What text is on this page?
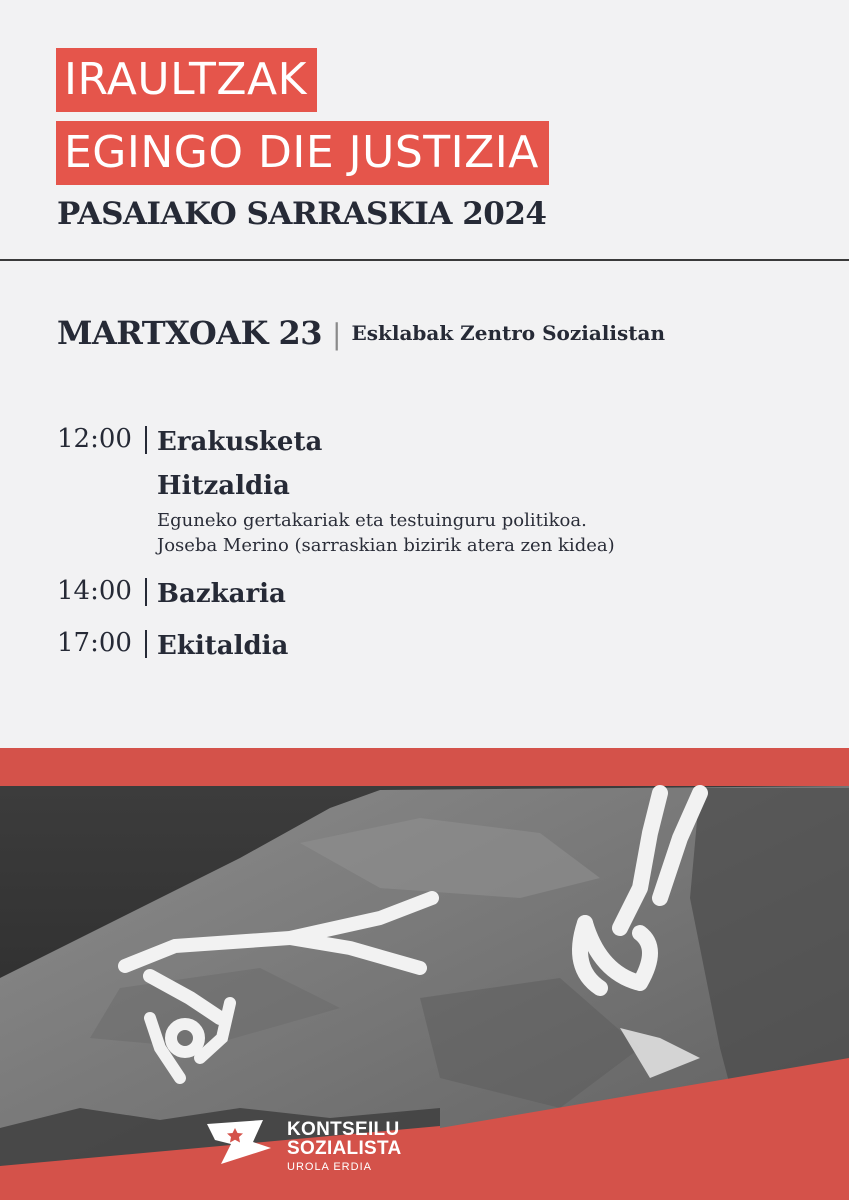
IRAULTZAK
EGINGO DIE JUSTIZIA
PASAIAKO SARRASKIA 2024
MARTXOAK 23 | Esklabak Zentro Sozialistan
12:00 Erakusketa
Hitzaldia
Eguneko gertakariak eta testuinguru politikoa.
Joseba Merino (sarraskian bizirik atera zen kidea)
14:00 Bazkaria
17:00 Ekitaldia
KONTSEILU
SOZIALISTA
UROLA ERDIA
